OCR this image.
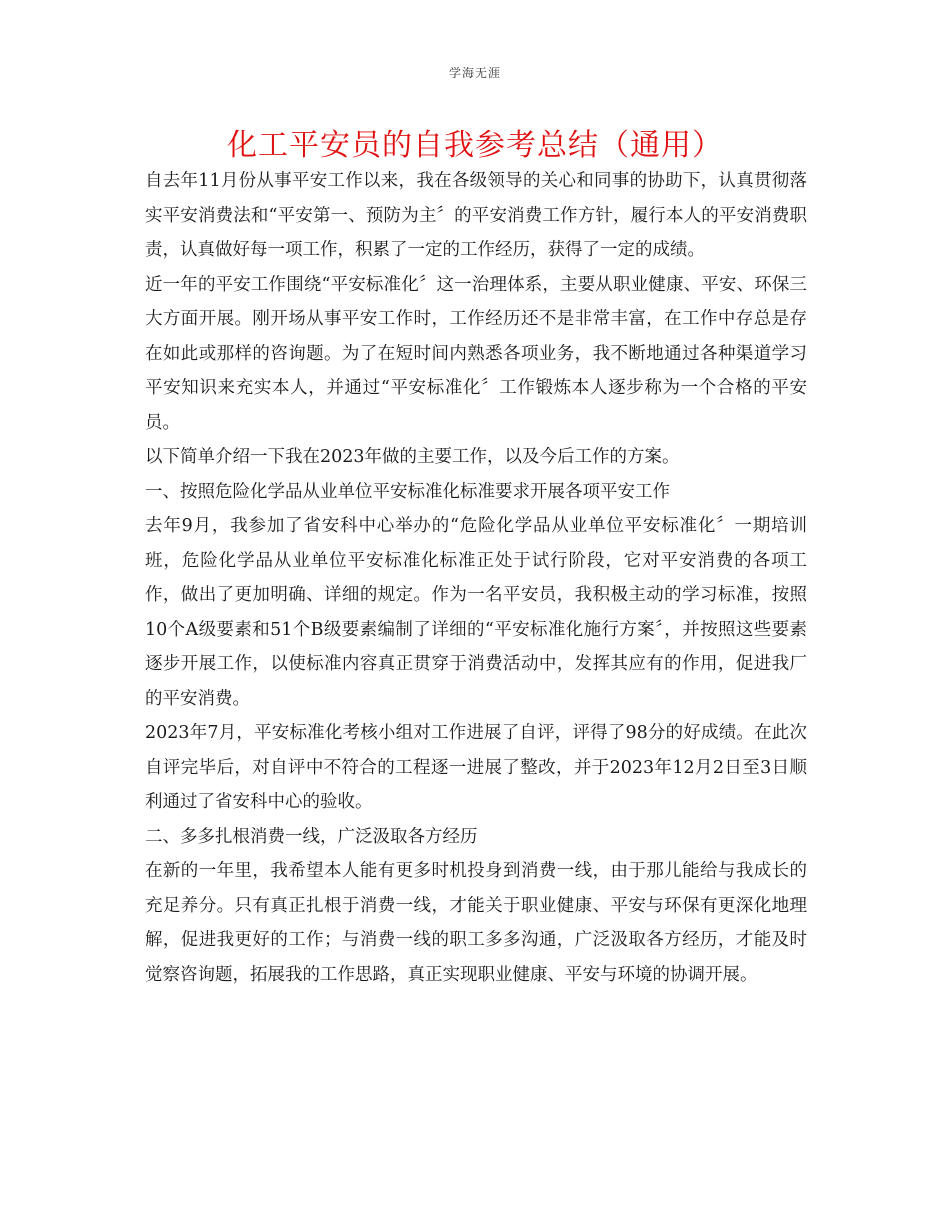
学海无涯
化工平安员的自我参考总结（通用）

自去年11月份从事平安工作以来，我在各级领导的关心和同事的协助下，认真贯彻落实平安消费法和“平安第一、预防为主〞的平安消费工作方针，履行本人的平安消费职责，认真做好每一项工作，积累了一定的工作经历，获得了一定的成绩。

近一年的平安工作围绕“平安标准化〞这一治理体系，主要从职业健康、平安、环保三大方面开展。刚开场从事平安工作时，工作经历还不是非常丰富，在工作中存总是存在如此或那样的咨询题。为了在短时间内熟悉各项业务，我不断地通过各种渠道学习平安知识来充实本人，并通过“平安标准化〞工作锻炼本人逐步称为一个合格的平安员。

以下简单介绍一下我在2023年做的主要工作，以及今后工作的方案。

一、按照危险化学品从业单位平安标准化标准要求开展各项平安工作

去年9月，我参加了省安科中心举办的“危险化学品从业单位平安标准化〞一期培训班，危险化学品从业单位平安标准化标准正处于试行阶段，它对平安消费的各项工作，做出了更加明确、详细的规定。作为一名平安员，我积极主动的学习标准，按照10个A级要素和51个B级要素编制了详细的“平安标准化施行方案〞，并按照这些要素逐步开展工作，以使标准内容真正贯穿于消费活动中，发挥其应有的作用，促进我厂的平安消费。

2023年7月，平安标准化考核小组对工作进展了自评，评得了98分的好成绩。在此次自评完毕后，对自评中不符合的工程逐一进展了整改，并于2023年12月2日至3日顺利通过了省安科中心的验收。

二、多多扎根消费一线，广泛汲取各方经历

在新的一年里，我希望本人能有更多时机投身到消费一线，由于那儿能给与我成长的充足养分。只有真正扎根于消费一线，才能关于职业健康、平安与环保有更深化地理解，促进我更好的工作；与消费一线的职工多多沟通，广泛汲取各方经历，才能及时觉察咨询题，拓展我的工作思路，真正实现职业健康、平安与环境的协调开展。
